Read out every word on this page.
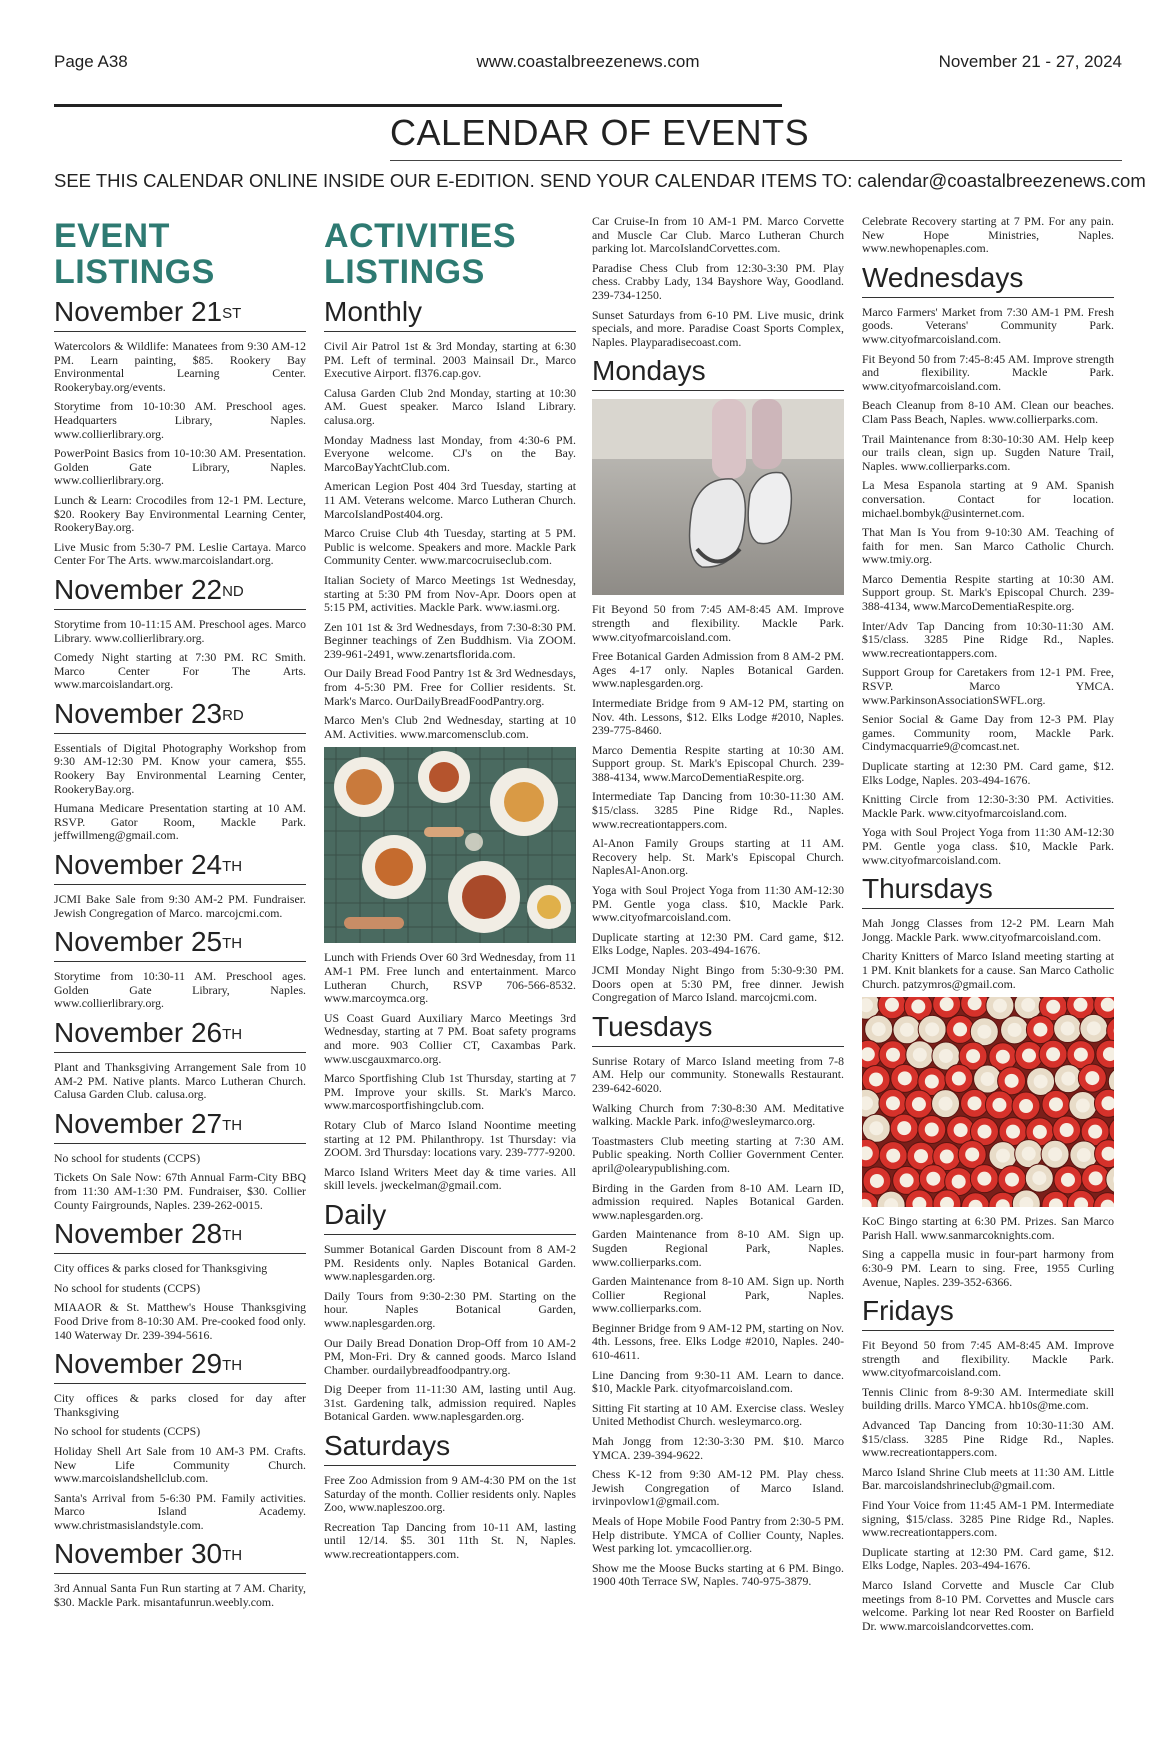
Page A38	www.coastalbreezenews.com	November 21 - 27, 2024
CALENDAR OF EVENTS
SEE THIS CALENDAR ONLINE INSIDE OUR E-EDITION. SEND YOUR CALENDAR ITEMS TO: calendar@coastalbreezenews.com
EVENT
LISTINGS
November 21ST
Watercolors & Wildlife: Manatees from 9:30 AM-12 PM. Learn painting, $85. Rookery Bay Environmental Learning Center. Rookerybay.org/events.
Storytime from 10-10:30 AM. Preschool ages. Headquarters Library, Naples. www.collierlibrary.org.
PowerPoint Basics from 10-10:30 AM. Presentation. Golden Gate Library, Naples. www.collierlibrary.org.
Lunch & Learn: Crocodiles from 12-1 PM. Lecture, $20. Rookery Bay Environmental Learning Center, RookeryBay.org.
Live Music from 5:30-7 PM. Leslie Cartaya. Marco Center For The Arts. www.marcoislandart.org.
November 22ND
Storytime from 10-11:15 AM. Preschool ages. Marco Library. www.collierlibrary.org.
Comedy Night starting at 7:30 PM. RC Smith. Marco Center For The Arts. www.marcoislandart.org.
November 23RD
Essentials of Digital Photography Workshop from 9:30 AM-12:30 PM. Know your camera, $55. Rookery Bay Environmental Learning Center, RookeryBay.org.
Humana Medicare Presentation starting at 10 AM. RSVP. Gator Room, Mackle Park. jeffwillmeng@gmail.com.
November 24TH
JCMI Bake Sale from 9:30 AM-2 PM. Fundraiser. Jewish Congregation of Marco. marcojcmi.com.
November 25TH
Storytime from 10:30-11 AM. Preschool ages. Golden Gate Library, Naples. www.collierlibrary.org.
November 26TH
Plant and Thanksgiving Arrangement Sale from 10 AM-2 PM. Native plants. Marco Lutheran Church. Calusa Garden Club. calusa.org.
November 27TH
No school for students (CCPS)
Tickets On Sale Now: 67th Annual Farm-City BBQ from 11:30 AM-1:30 PM. Fundraiser, $30. Collier County Fairgrounds, Naples. 239-262-0015.
November 28TH
City offices & parks closed for Thanksgiving
No school for students (CCPS)
MIAAOR & St. Matthew's House Thanksgiving Food Drive from 8-10:30 AM. Pre-cooked food only. 140 Waterway Dr. 239-394-5616.
November 29TH
City offices & parks closed for day after Thanksgiving
No school for students (CCPS)
Holiday Shell Art Sale from 10 AM-3 PM. Crafts. New Life Community Church. www.marcoislandshellclub.com.
Santa's Arrival from 5-6:30 PM. Family activities. Marco Island Academy. www.christmasislandstyle.com.
November 30TH
3rd Annual Santa Fun Run starting at 7 AM. Charity, $30. Mackle Park. misantafunrun.weebly.com.
ACTIVITIES
LISTINGS
Monthly
Civil Air Patrol 1st & 3rd Monday, starting at 6:30 PM. Left of terminal. 2003 Mainsail Dr., Marco Executive Airport. fl376.cap.gov.
Calusa Garden Club 2nd Monday, starting at 10:30 AM. Guest speaker. Marco Island Library. calusa.org.
Monday Madness last Monday, from 4:30-6 PM. Everyone welcome. CJ's on the Bay. MarcoBayYachtClub.com.
American Legion Post 404 3rd Tuesday, starting at 11 AM. Veterans welcome. Marco Lutheran Church. MarcoIslandPost404.org.
Marco Cruise Club 4th Tuesday, starting at 5 PM. Public is welcome. Speakers and more. Mackle Park Community Center. www.marcocruiseclub.com.
Italian Society of Marco Meetings 1st Wednesday, starting at 5:30 PM from Nov-Apr. Doors open at 5:15 PM, activities. Mackle Park. www.iasmi.org.
Zen 101 1st & 3rd Wednesdays, from 7:30-8:30 PM. Beginner teachings of Zen Buddhism. Via ZOOM. 239-961-2491, www.zenartsflorida.com.
Our Daily Bread Food Pantry 1st & 3rd Wednesdays, from 4-5:30 PM. Free for Collier residents. St. Mark's Marco. OurDailyBreadFoodPantry.org.
Marco Men's Club 2nd Wednesday, starting at 10 AM. Activities. www.marcomensclub.com.
Lunch with Friends Over 60 3rd Wednesday, from 11 AM-1 PM. Free lunch and entertainment. Marco Lutheran Church, RSVP 706-566-8532. www.marcoymca.org.
US Coast Guard Auxiliary Marco Meetings 3rd Wednesday, starting at 7 PM. Boat safety programs and more. 903 Collier CT, Caxambas Park. www.uscgauxmarco.org.
Marco Sportfishing Club 1st Thursday, starting at 7 PM. Improve your skills. St. Mark's Marco. www.marcosportfishingclub.com.
Rotary Club of Marco Island Noontime meeting starting at 12 PM. Philanthropy. 1st Thursday: via ZOOM. 3rd Thursday: locations vary. 239-777-9200.
Marco Island Writers Meet day & time varies. All skill levels. jweckelman@gmail.com.
Daily
Summer Botanical Garden Discount from 8 AM-2 PM. Residents only. Naples Botanical Garden. www.naplesgarden.org.
Daily Tours from 9:30-2:30 PM. Starting on the hour. Naples Botanical Garden, www.naplesgarden.org.
Our Daily Bread Donation Drop-Off from 10 AM-2 PM, Mon-Fri. Dry & canned goods. Marco Island Chamber. ourdailybreadfoodpantry.org.
Dig Deeper from 11-11:30 AM, lasting until Aug. 31st. Gardening talk, admission required. Naples Botanical Garden. www.naplesgarden.org.
Saturdays
Free Zoo Admission from 9 AM-4:30 PM on the 1st Saturday of the month. Collier residents only. Naples Zoo, www.napleszoo.org.
Recreation Tap Dancing from 10-11 AM, lasting until 12/14. $5. 301 11th St. N, Naples. www.recreationtappers.com.
Car Cruise-In from 10 AM-1 PM. Marco Corvette and Muscle Car Club. Marco Lutheran Church parking lot. MarcoIslandCorvettes.com.
Paradise Chess Club from 12:30-3:30 PM. Play chess. Crabby Lady, 134 Bayshore Way, Goodland. 239-734-1250.
Sunset Saturdays from 6-10 PM. Live music, drink specials, and more. Paradise Coast Sports Complex, Naples. Playparadisecoast.com.
Mondays
Fit Beyond 50 from 7:45 AM-8:45 AM. Improve strength and flexibility. Mackle Park. www.cityofmarcoisland.com.
Free Botanical Garden Admission from 8 AM-2 PM. Ages 4-17 only. Naples Botanical Garden. www.naplesgarden.org.
Intermediate Bridge from 9 AM-12 PM, starting on Nov. 4th. Lessons, $12. Elks Lodge #2010, Naples. 239-775-8460.
Marco Dementia Respite starting at 10:30 AM. Support group. St. Mark's Episcopal Church. 239-388-4134, www.MarcoDementiaRespite.org.
Intermediate Tap Dancing from 10:30-11:30 AM. $15/class. 3285 Pine Ridge Rd., Naples. www.recreationtappers.com.
Al-Anon Family Groups starting at 11 AM. Recovery help. St. Mark's Episcopal Church. NaplesAl-Anon.org.
Yoga with Soul Project Yoga from 11:30 AM-12:30 PM. Gentle yoga class. $10, Mackle Park. www.cityofmarcoisland.com.
Duplicate starting at 12:30 PM. Card game, $12. Elks Lodge, Naples. 203-494-1676.
JCMI Monday Night Bingo from 5:30-9:30 PM. Doors open at 5:30 PM, free dinner. Jewish Congregation of Marco Island. marcojcmi.com.
Tuesdays
Sunrise Rotary of Marco Island meeting from 7-8 AM. Help our community. Stonewalls Restaurant. 239-642-6020.
Walking Church from 7:30-8:30 AM. Meditative walking. Mackle Park. info@wesleymarco.org.
Toastmasters Club meeting starting at 7:30 AM. Public speaking. North Collier Government Center. april@olearypublishing.com.
Birding in the Garden from 8-10 AM. Learn ID, admission required. Naples Botanical Garden. www.naplesgarden.org.
Garden Maintenance from 8-10 AM. Sign up. Sugden Regional Park, Naples. www.collierparks.com.
Garden Maintenance from 8-10 AM. Sign up. North Collier Regional Park, Naples. www.collierparks.com.
Beginner Bridge from 9 AM-12 PM, starting on Nov. 4th. Lessons, free. Elks Lodge #2010, Naples. 240-610-4611.
Line Dancing from 9:30-11 AM. Learn to dance. $10, Mackle Park. cityofmarcoisland.com.
Sitting Fit starting at 10 AM. Exercise class. Wesley United Methodist Church. wesleymarco.org.
Mah Jongg from 12:30-3:30 PM. $10. Marco YMCA. 239-394-9622.
Chess K-12 from 9:30 AM-12 PM. Play chess. Jewish Congregation of Marco Island. irvinpovlow1@gmail.com.
Meals of Hope Mobile Food Pantry from 2:30-5 PM. Help distribute. YMCA of Collier County, Naples. West parking lot. ymcacollier.org.
Show me the Moose Bucks starting at 6 PM. Bingo. 1900 40th Terrace SW, Naples. 740-975-3879.
Celebrate Recovery starting at 7 PM. For any pain. New Hope Ministries, Naples. www.newhopenaples.com.
Wednesdays
Marco Farmers' Market from 7:30 AM-1 PM. Fresh goods. Veterans' Community Park. www.cityofmarcoisland.com.
Fit Beyond 50 from 7:45-8:45 AM. Improve strength and flexibility. Mackle Park. www.cityofmarcoisland.com.
Beach Cleanup from 8-10 AM. Clean our beaches. Clam Pass Beach, Naples. www.collierparks.com.
Trail Maintenance from 8:30-10:30 AM. Help keep our trails clean, sign up. Sugden Nature Trail, Naples. www.collierparks.com.
La Mesa Espanola starting at 9 AM. Spanish conversation. Contact for location. michael.bombyk@usinternet.com.
That Man Is You from 9-10:30 AM. Teaching of faith for men. San Marco Catholic Church. www.tmiy.org.
Marco Dementia Respite starting at 10:30 AM. Support group. St. Mark's Episcopal Church. 239-388-4134, www.MarcoDementiaRespite.org.
Inter/Adv Tap Dancing from 10:30-11:30 AM. $15/class. 3285 Pine Ridge Rd., Naples. www.recreationtappers.com.
Support Group for Caretakers from 12-1 PM. Free, RSVP. Marco YMCA. www.ParkinsonAssociationSWFL.org.
Senior Social & Game Day from 12-3 PM. Play games. Community room, Mackle Park. Cindymacquarrie9@comcast.net.
Duplicate starting at 12:30 PM. Card game, $12. Elks Lodge, Naples. 203-494-1676.
Knitting Circle from 12:30-3:30 PM. Activities. Mackle Park. www.cityofmarcoisland.com.
Yoga with Soul Project Yoga from 11:30 AM-12:30 PM. Gentle yoga class. $10, Mackle Park. www.cityofmarcoisland.com.
Thursdays
Mah Jongg Classes from 12-2 PM. Learn Mah Jongg. Mackle Park. www.cityofmarcoisland.com.
Charity Knitters of Marco Island meeting starting at 1 PM. Knit blankets for a cause. San Marco Catholic Church. patzymros@gmail.com.
KoC Bingo starting at 6:30 PM. Prizes. San Marco Parish Hall. www.sanmarcoknights.com.
Sing a cappella music in four-part harmony from 6:30-9 PM. Learn to sing. Free, 1955 Curling Avenue, Naples. 239-352-6366.
Fridays
Fit Beyond 50 from 7:45 AM-8:45 AM. Improve strength and flexibility. Mackle Park. www.cityofmarcoisland.com.
Tennis Clinic from 8-9:30 AM. Intermediate skill building drills. Marco YMCA. hb10s@me.com.
Advanced Tap Dancing from 10:30-11:30 AM. $15/class. 3285 Pine Ridge Rd., Naples. www.recreationtappers.com.
Marco Island Shrine Club meets at 11:30 AM. Little Bar. marcoislandshrineclub@gmail.com.
Find Your Voice from 11:45 AM-1 PM. Intermediate signing, $15/class. 3285 Pine Ridge Rd., Naples. www.recreationtappers.com.
Duplicate starting at 12:30 PM. Card game, $12. Elks Lodge, Naples. 203-494-1676.
Marco Island Corvette and Muscle Car Club meetings from 8-10 PM. Corvettes and Muscle cars welcome. Parking lot near Red Rooster on Barfield Dr. www.marcoislandcorvettes.com.
